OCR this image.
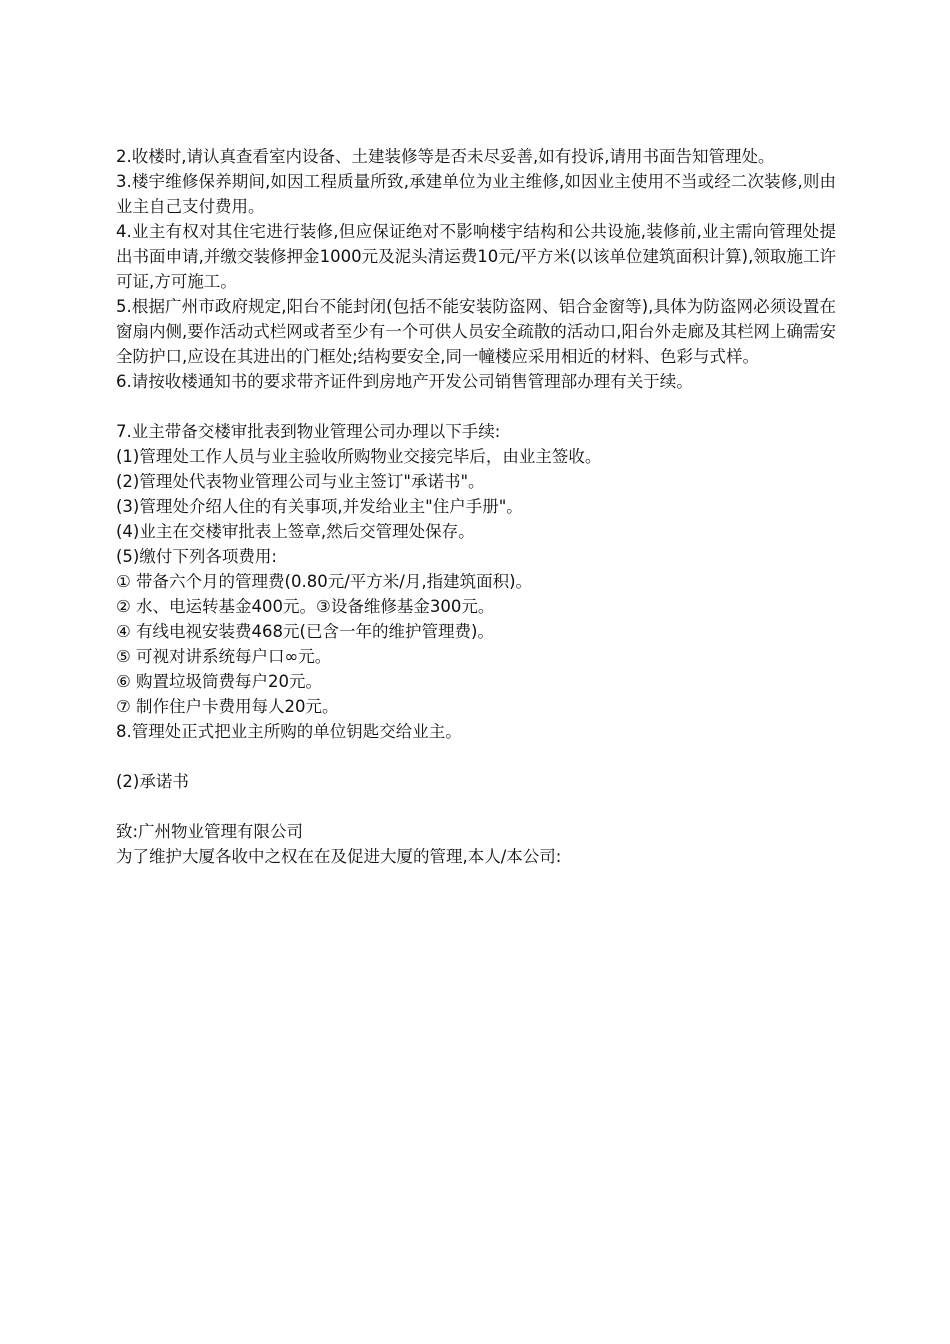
2.收楼时,请认真查看室内设备、土建装修等是否未尽妥善,如有投诉,请用书面告知管理处。

3.楼宇维修保养期间,如因工程质量所致,承建单位为业主维修,如因业主使用不当或经二次装修,则由业主自己支付费用。

4.业主有权对其住宅进行装修,但应保证绝对不影响楼宇结构和公共设施,装修前,业主需向管理处提出书面申请,并缴交装修押金1000元及泥头清运费10元/平方米(以该单位建筑面积计算),领取施工许可证,方可施工。

5.根据广州市政府规定,阳台不能封闭(包括不能安装防盗网、铝合金窗等),具体为防盗网必须设置在窗扇内侧,要作活动式栏网或者至少有一个可供人员安全疏散的活动口,阳台外走廊及其栏网上确需安全防护口,应设在其进出的门框处;结构要安全,同一幢楼应采用相近的材料、色彩与式样。

6.请按收楼通知书的要求带齐证件到房地产开发公司销售管理部办理有关于续。

7.业主带备交楼审批表到物业管理公司办理以下手续:

(1)管理处工作人员与业主验收所购物业交接完毕后，由业主签收。

(2)管理处代表物业管理公司与业主签订"承诺书"。

(3)管理处介绍人住的有关事项,并发给业主"住户手册"。

(4)业主在交楼审批表上签章,然后交管理处保存。

(5)缴付下列各项费用:

① 带备六个月的管理费(0.80元/平方米/月,指建筑面积)。

② 水、电运转基金400元。③设备维修基金300元。

④ 有线电视安装费468元(已含一年的维护管理费)。

⑤ 可视对讲系统每户口∞元。

⑥ 购置垃圾筒费每户20元。

⑦ 制作住户卡费用每人20元。

8.管理处正式把业主所购的单位钥匙交给业主。

(2)承诺书

致:广州物业管理有限公司

为了维护大厦各收中之权在在及促进大厦的管理,本人/本公司:
